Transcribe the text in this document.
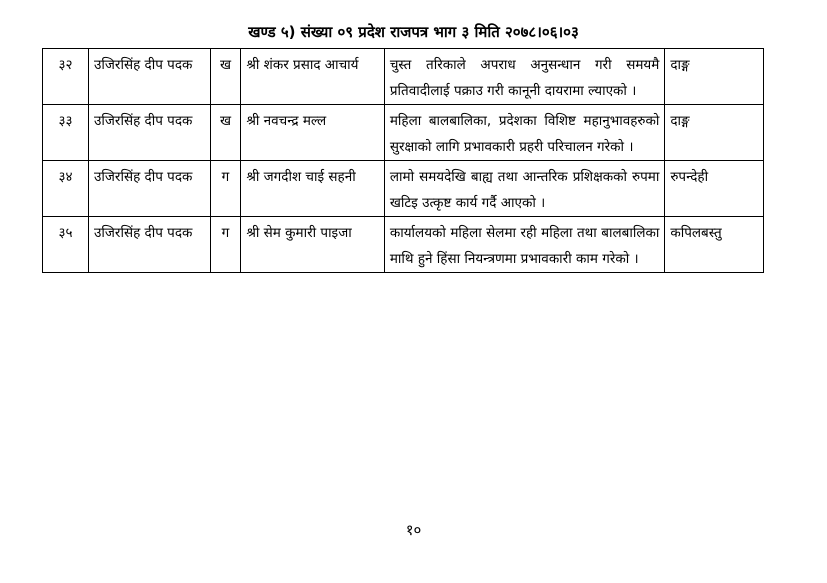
खण्ड ५) संख्या ०९ प्रदेश राजपत्र भाग ३ मिति २०७८।०६।०३
३२	उजिरसिंह दीप पदक	ख	श्री शंकर प्रसाद आचार्य	चुस्त तरिकाले अपराध अनुसन्धान गरी समयमै प्रतिवादीलाई पक्राउ गरी कानूनी दायरामा ल्याएको ।	दाङ्ग
३३	उजिरसिंह दीप पदक	ख	श्री नवचन्द्र मल्ल	महिला बालबालिका, प्रदेशका विशिष्ट महानुभावहरुको सुरक्षाको लागि प्रभावकारी प्रहरी परिचालन गरेको ।	दाङ्ग
३४	उजिरसिंह दीप पदक	ग	श्री जगदीश चाई सहनी	लामो समयदेखि बाह्य तथा आन्तरिक प्रशिक्षकको रुपमा खटिइ उत्कृष्ट कार्य गर्दै आएको ।	रुपन्देही
३५	उजिरसिंह दीप पदक	ग	श्री सेम कुमारी पाइजा	कार्यालयको महिला सेलमा रही महिला तथा बालबालिका माथि हुने हिंसा नियन्त्रणमा प्रभावकारी काम गरेको ।	कपिलबस्तु
१०
